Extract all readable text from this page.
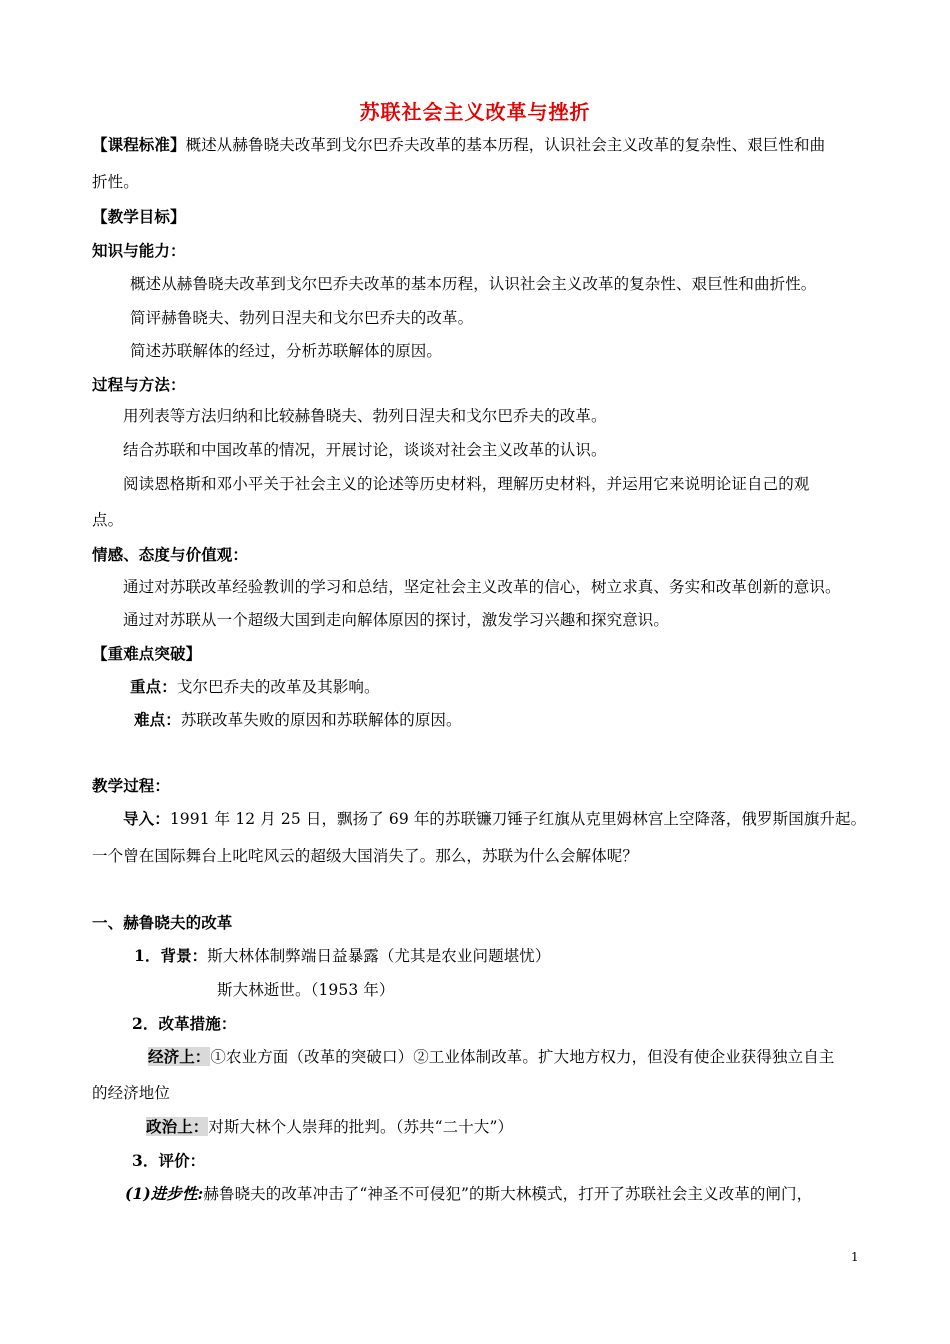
苏联社会主义改革与挫折
【课程标准】概述从赫鲁晓夫改革到戈尔巴乔夫改革的基本历程，认识社会主义改革的复杂性、艰巨性和曲
折性。
【教学目标】
知识与能力：
概述从赫鲁晓夫改革到戈尔巴乔夫改革的基本历程，认识社会主义改革的复杂性、艰巨性和曲折性。
简评赫鲁晓夫、勃列日涅夫和戈尔巴乔夫的改革。
简述苏联解体的经过，分析苏联解体的原因。
过程与方法：
用列表等方法归纳和比较赫鲁晓夫、勃列日涅夫和戈尔巴乔夫的改革。
结合苏联和中国改革的情况，开展讨论，谈谈对社会主义改革的认识。
阅读恩格斯和邓小平关于社会主义的论述等历史材料，理解历史材料，并运用它来说明论证自己的观
点。
情感、态度与价值观：
通过对苏联改革经验教训的学习和总结，坚定社会主义改革的信心，树立求真、务实和改革创新的意识。
通过对苏联从一个超级大国到走向解体原因的探讨，激发学习兴趣和探究意识。
【重难点突破】
重点：戈尔巴乔夫的改革及其影响。
难点：苏联改革失败的原因和苏联解体的原因。
教学过程：
导入：1991 年 12 月 25 日，飘扬了 69 年的苏联镰刀锤子红旗从克里姆林宫上空降落，俄罗斯国旗升起。
一个曾在国际舞台上叱咤风云的超级大国消失了。那么，苏联为什么会解体呢？
一、赫鲁晓夫的改革
1．背景：斯大林体制弊端日益暴露（尤其是农业问题堪忧）
斯大林逝世。（1953 年）
2．改革措施：
经济上：①农业方面（改革的突破口）②工业体制改革。扩大地方权力，但没有使企业获得独立自主
的经济地位
政治上：对斯大林个人崇拜的批判。（苏共“二十大”）
3．评价：
(1)进步性:赫鲁晓夫的改革冲击了“神圣不可侵犯”的斯大林模式，打开了苏联社会主义改革的闸门，
1
